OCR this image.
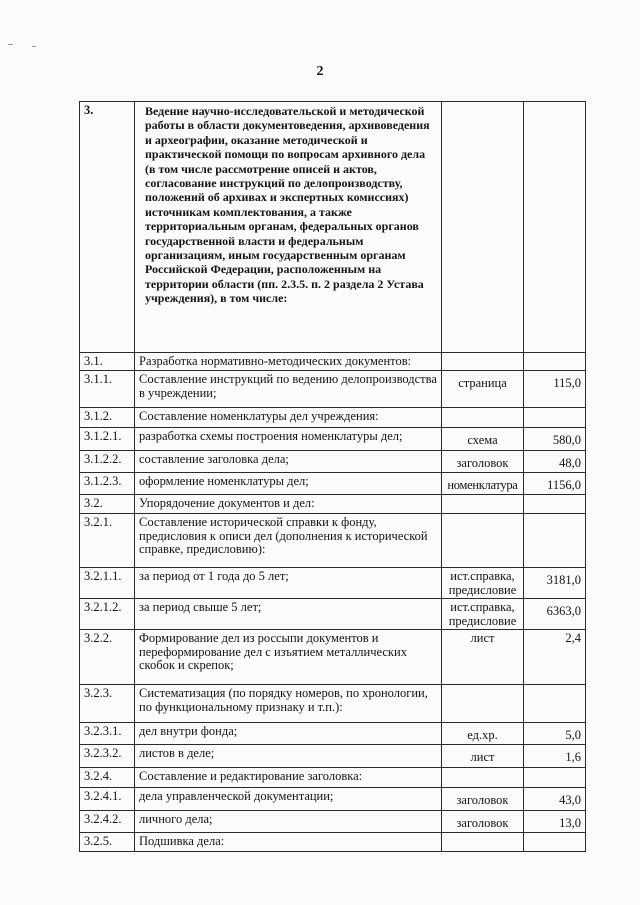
2
3.	Ведение научно-исследовательской и методической работы в области документоведения, архивоведения и археографии, оказание методической и практической помощи по вопросам архивного дела (в том числе рассмотрение описей и актов, согласование инструкций по делопроизводству, положений об архивах и экспертных комиссиях) источникам комплектования, а также территориальным органам, федеральных органов государственной власти и федеральным организациям, иным государственным органам Российской Федерации, расположенным на территории области (пп. 2.3.5. п. 2 раздела 2 Устава учреждения), в том числе:		
3.1.	Разработка нормативно-методических документов:		
3.1.1.	Составление инструкций по ведению делопроизводства в учреждении;	страница	115,0

3.1.2.	Составление номенклатуры дел учреждения:		
3.1.2.1.	разработка схемы построения номенклатуры дел;	схема	580,0

3.1.2.2.	составление заголовка дела;	заголовок	48,0

3.1.2.3.	оформление номенклатуры дел;	номенклатура	1156,0

3.2.	Упорядочение документов и дел:		
3.2.1.	Составление исторической справки к фонду, предисловия к описи дел (дополнения к исторической справке, предисловию):		
3.2.1.1.	за период от 1 года до 5 лет;	ист.справка, предисловие	3181,0

3.2.1.2.	за период свыше 5 лет;	ист.справка, предисловие	6363,0

3.2.2.	Формирование дел из россыпи документов и переформирование дел с изъятием металлических скобок и скрепок;	лист	2,4
3.2.3.	Систематизация (по порядку номеров, по хронологии, по функциональному признаку и т.п.):		
3.2.3.1.	дел внутри фонда;	ед.хр.	5,0

3.2.3.2.	листов в деле;	лист	1,6

3.2.4.	Составление и редактирование заголовка:		
3.2.4.1.	дела управленческой документации;	заголовок	43,0

3.2.4.2.	личного дела;	заголовок	13,0

3.2.5.	Подшивка дела:		
